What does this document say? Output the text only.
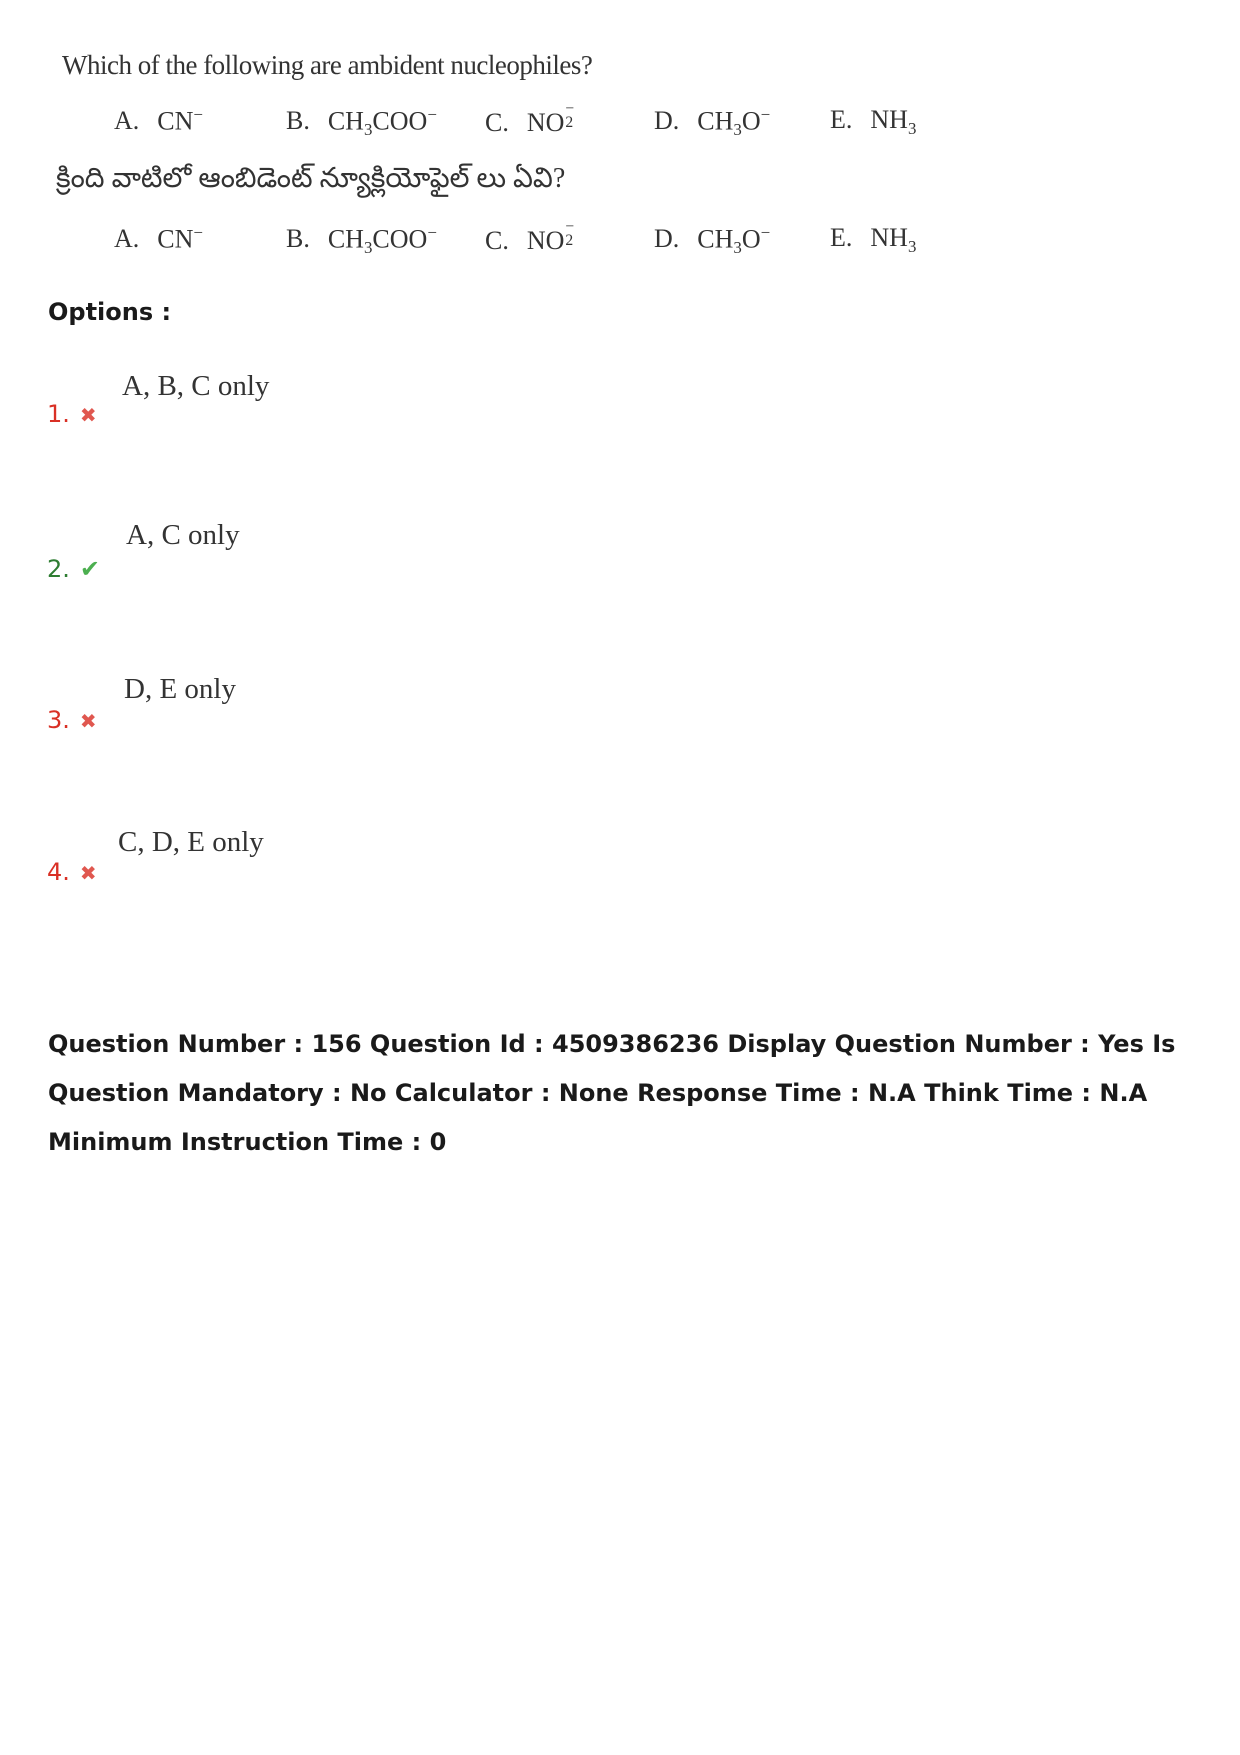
Which of the following are ambident nucleophiles?
A. CN−	B. $CH_3COO^-$ C. NO −
2	D. $CH_3O^-$ E. $NH_3$
క్రింది వాటిలో ఆంబిడెంట్ న్యూక్లియోఫైల్ లు ఏవి?
A. CN−	B. $CH_3COO^-$ C. NO −
2	D. $CH_3O^-$ E. $NH_3$
Options :
1. ✖
A, B, C only
2. ✔
A, C only
3. ✖
D, E only
4. ✖
C, D, E only
Question Number : 156 Question Id : 4509386236 Display Question Number : Yes Is Question Mandatory : No Calculator : None Response Time : N.A Think Time : N.A Minimum Instruction Time : 0
